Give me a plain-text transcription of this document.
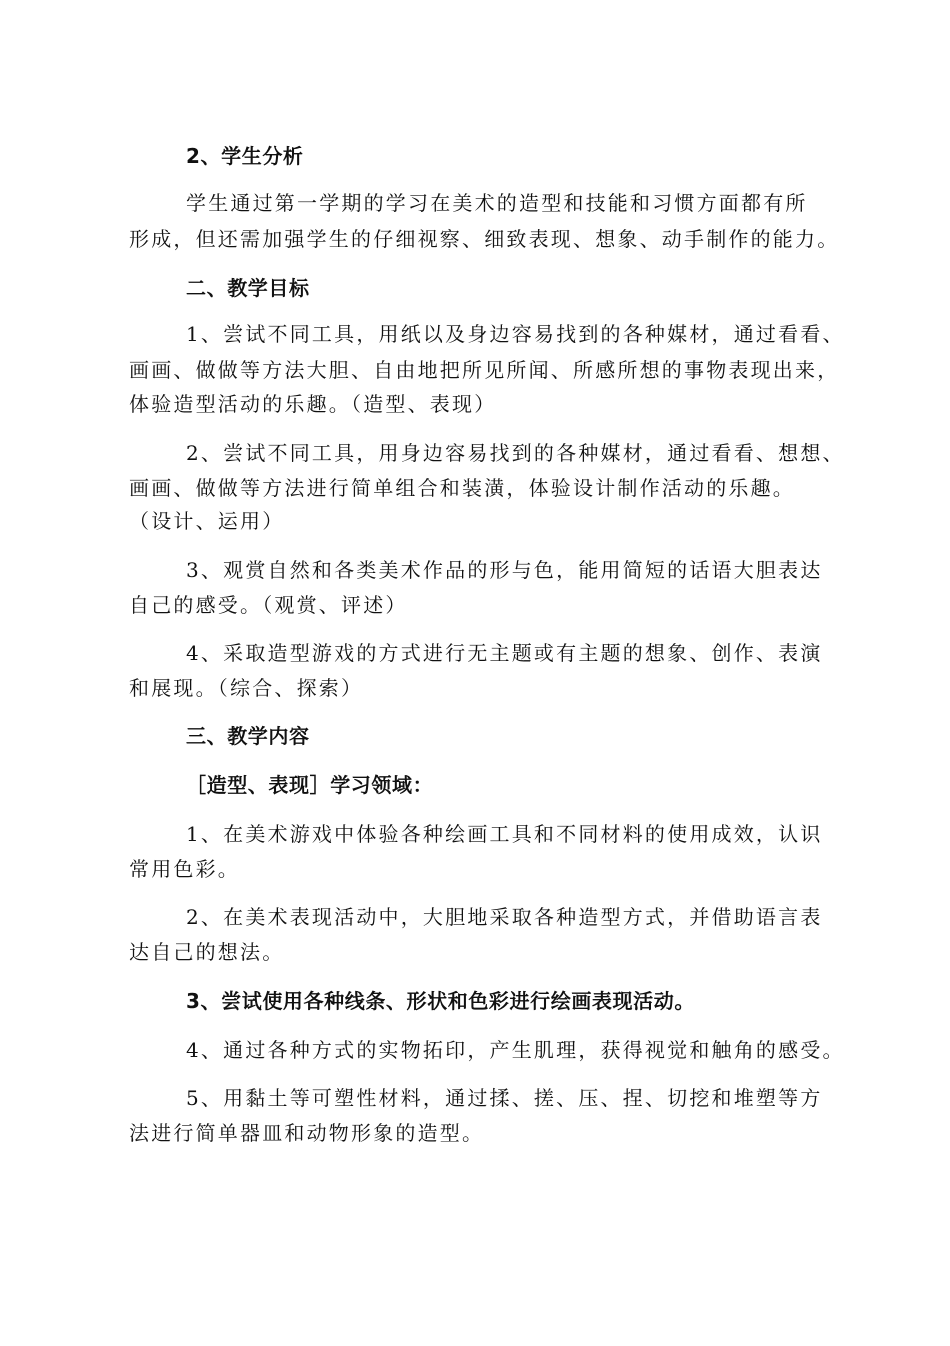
2、学生分析
学生通过第一学期的学习在美术的造型和技能和习惯方面都有所
形成，但还需加强学生的仔细视察、细致表现、想象、动手制作的能力。
二、教学目标
1、尝试不同工具，用纸以及身边容易找到的各种媒材，通过看看、
画画、做做等方法大胆、自由地把所见所闻、所感所想的事物表现出来，
体验造型活动的乐趣。（造型、表现）
2、尝试不同工具，用身边容易找到的各种媒材，通过看看、想想、
画画、做做等方法进行简单组合和装潢，体验设计制作活动的乐趣。
（设计、运用）
3、观赏自然和各类美术作品的形与色，能用简短的话语大胆表达
自己的感受。（观赏、评述）
4、采取造型游戏的方式进行无主题或有主题的想象、创作、表演
和展现。（综合、探索）
三、教学内容
［造型、表现］学习领域：
1、在美术游戏中体验各种绘画工具和不同材料的使用成效，认识
常用色彩。
2、在美术表现活动中，大胆地采取各种造型方式，并借助语言表
达自己的想法。
3、尝试使用各种线条、形状和色彩进行绘画表现活动。
4、通过各种方式的实物拓印，产生肌理，获得视觉和触角的感受。
5、用黏土等可塑性材料，通过揉、搓、压、捏、切挖和堆塑等方
法进行简单器皿和动物形象的造型。
